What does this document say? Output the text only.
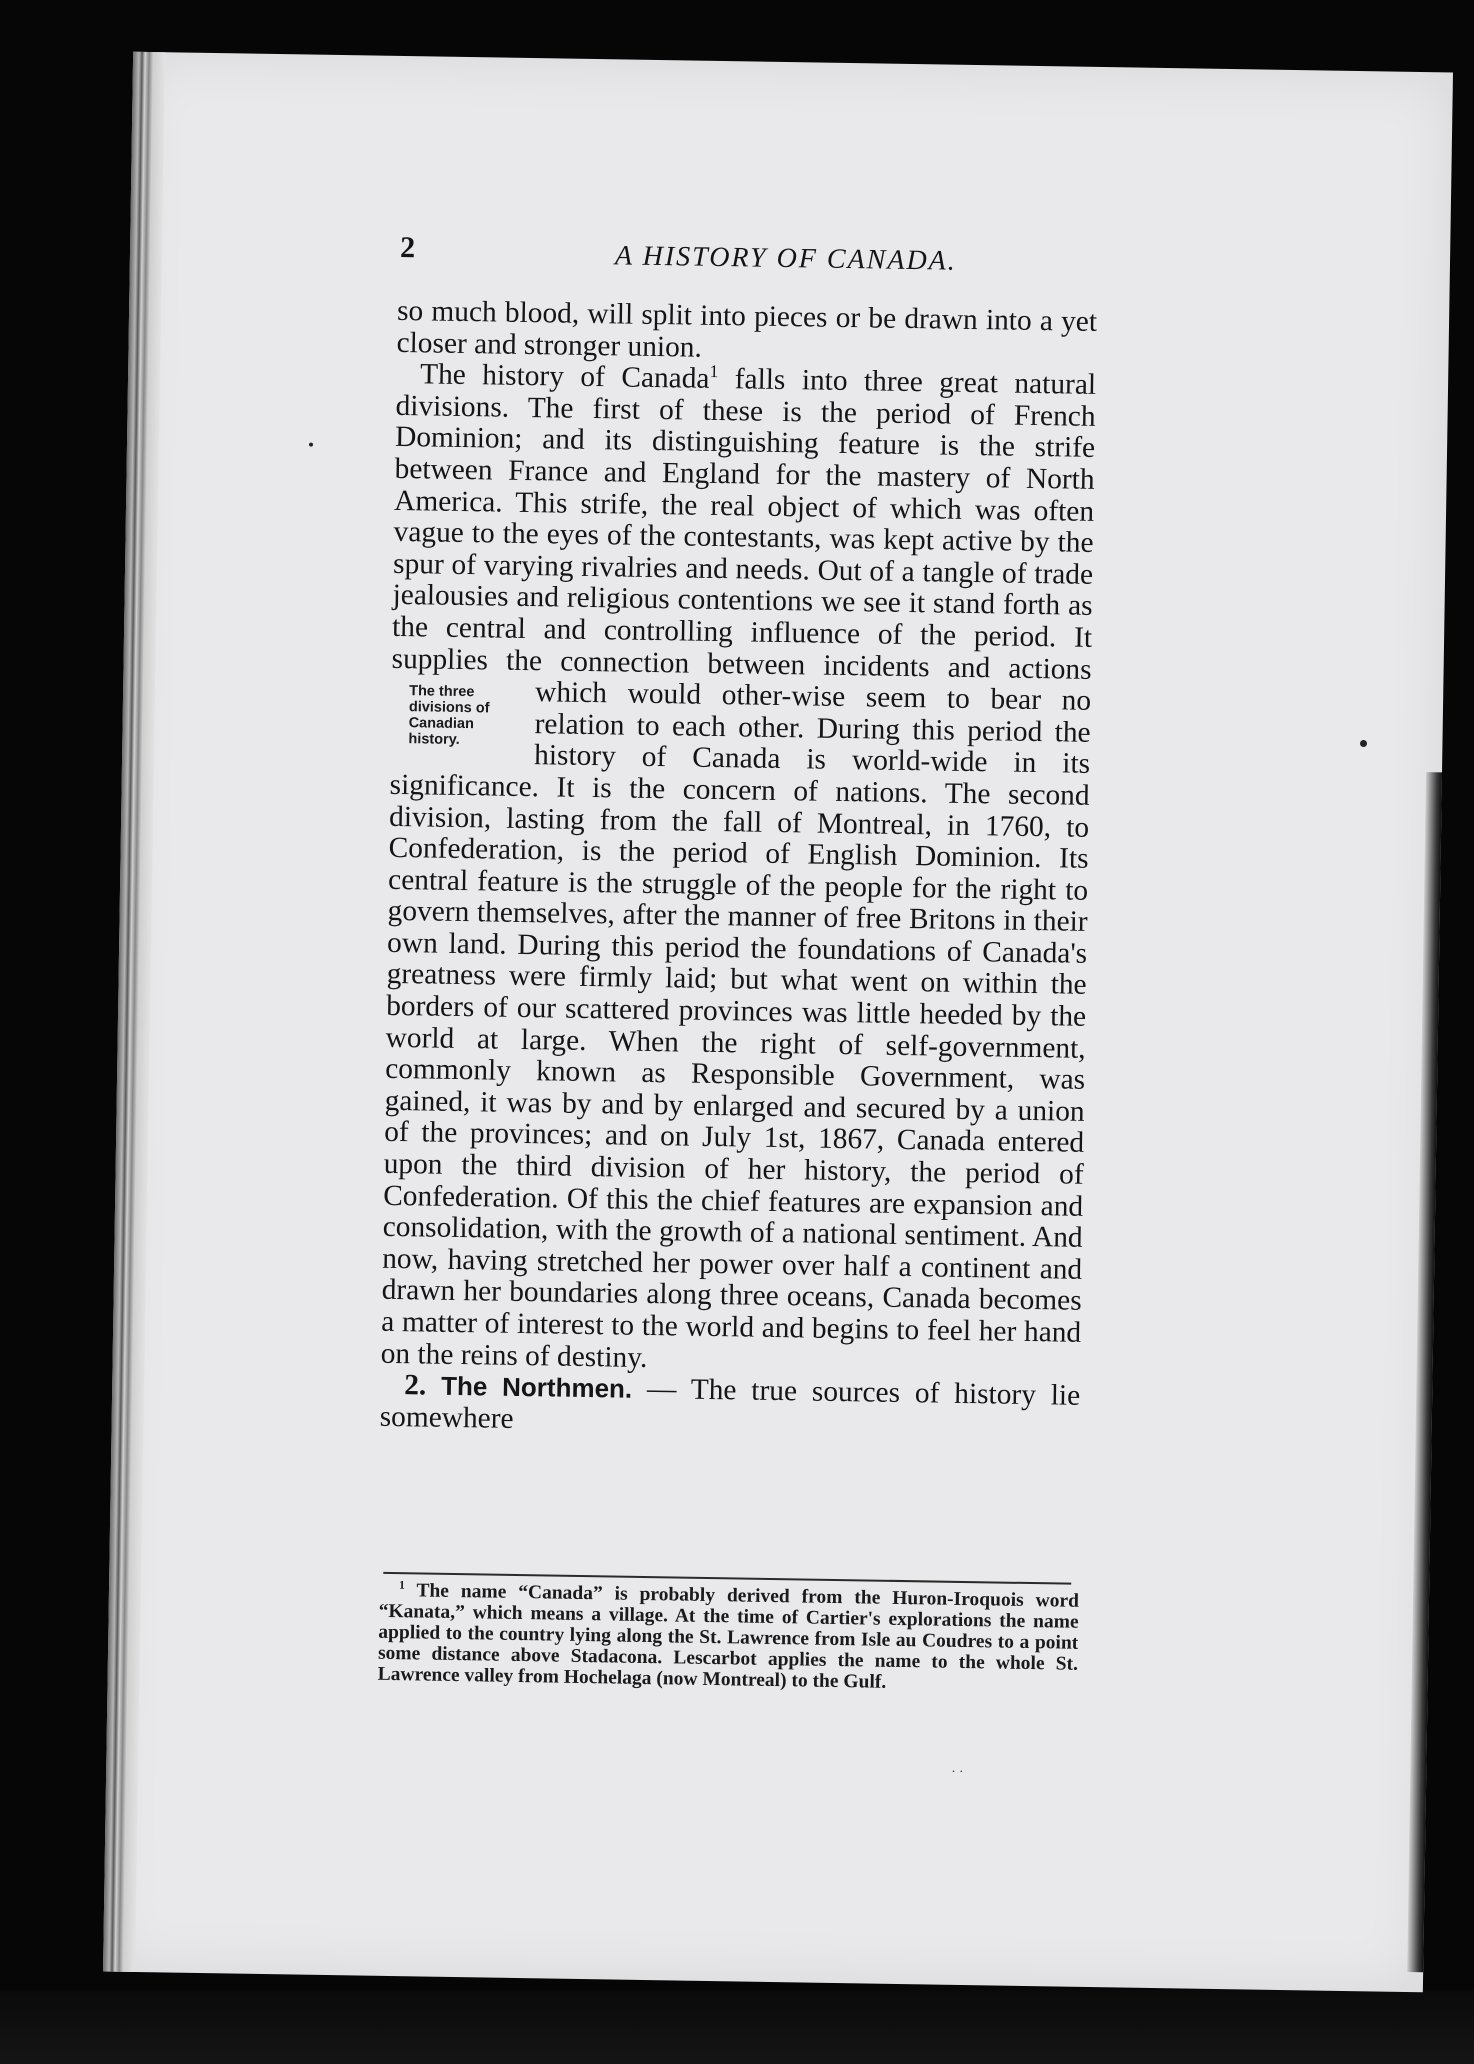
2	A HISTORY OF CANADA.

so much blood, will split into pieces or be drawn into a yet closer and stronger union.

The history of Canada$^1$ falls into three great natural divisions. The first of these is the period of French Dominion; and its distinguishing feature is the strife between France and England for the mastery of North America. This strife, the real object of which was often vague to the eyes of the contestants, was kept active by the spur of varying rivalries and needs. Out of a tangle of trade jealousies and religious contentions we see it stand forth as the central and controlling influence of the period. It supplies the connection between incidents and actions which would other-
The three
divisions of
Canadian
history.
wise seem to bear no relation to each other. During this period the history of Canada is world-wide in its significance. It is the concern of nations. The second division, lasting from the fall of Montreal, in 1760, to Confederation, is the period of English Dominion. Its central feature is the struggle of the people for the right to govern themselves, after the manner of free Britons in their own land. During this period the foundations of Canada's greatness were firmly laid; but what went on within the borders of our scattered provinces was little heeded by the world at large. When the right of self-government, commonly known as Responsible Government, was gained, it was by and by enlarged and secured by a union of the provinces; and on July 1st, 1867, Canada entered upon the third division of her history, the period of Confederation. Of this the chief features are expansion and consolidation, with the growth of a national sentiment. And now, having stretched her power over half a continent and drawn her boundaries along three oceans, Canada becomes a matter of interest to the world and begins to feel her hand on the reins of destiny.

2. The Northmen. — The true sources of history lie somewhere

$^1$ The name “Canada” is probably derived from the Huron-Iroquois word “Kanata,” which means a village. At the time of Cartier's explorations the name applied to the country lying along the St. Lawrence from Isle au Coudres to a point some distance above Stadacona. Lescarbot applies the name to the whole St. Lawrence valley from Hochelaga (now Montreal) to the Gulf.

··
